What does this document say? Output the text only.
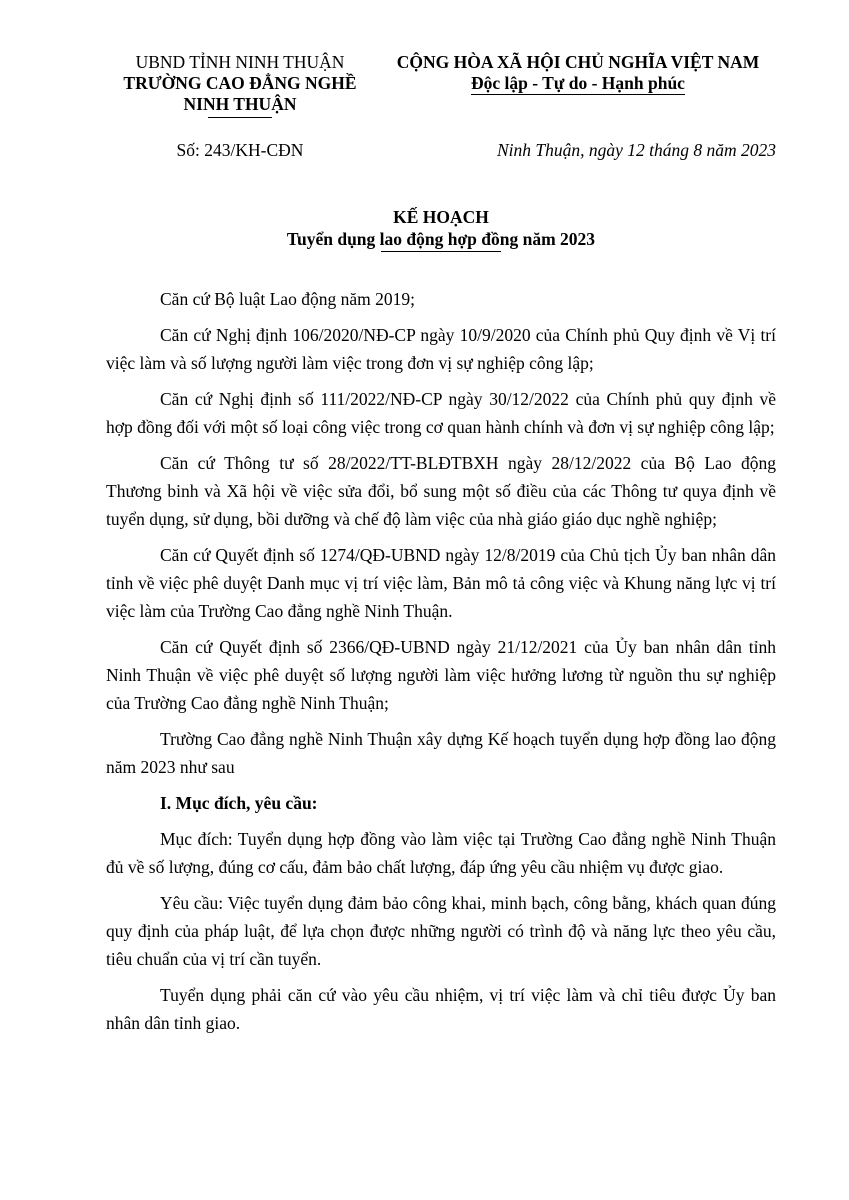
UBND TỈNH NINH THUẬN
TRƯỜNG CAO ĐẲNG NGHỀ
NINH THUẬN
CỘNG HÒA XÃ HỘI CHỦ NGHĨA VIỆT NAM
Độc lập - Tự do - Hạnh phúc
Số: 243/KH-CĐN	Ninh Thuận, ngày 12 tháng 8 năm 2023
KẾ HOẠCH
Tuyển dụng lao động hợp đồng năm 2023

Căn cứ Bộ luật Lao động năm 2019;

Căn cứ Nghị định 106/2020/NĐ-CP ngày 10/9/2020 của Chính phủ Quy định về Vị trí việc làm và số lượng người làm việc trong đơn vị sự nghiệp công lập;

Căn cứ Nghị định số 111/2022/NĐ-CP ngày 30/12/2022 của Chính phủ quy định về hợp đồng đối với một số loại công việc trong cơ quan hành chính và đơn vị sự nghiệp công lập;

Căn cứ Thông tư số 28/2022/TT-BLĐTBXH ngày 28/12/2022 của Bộ Lao động Thương binh và Xã hội về việc sửa đổi, bổ sung một số điều của các Thông tư quya định về tuyển dụng, sử dụng, bồi dưỡng và chế độ làm việc của nhà giáo giáo dục nghề nghiệp;

Căn cứ Quyết định số 1274/QĐ-UBND ngày 12/8/2019 của Chủ tịch Ủy ban nhân dân tỉnh về việc phê duyệt Danh mục vị trí việc làm, Bản mô tả công việc và Khung năng lực vị trí việc làm của Trường Cao đẳng nghề Ninh Thuận.

Căn cứ Quyết định số 2366/QĐ-UBND ngày 21/12/2021 của Ủy ban nhân dân tỉnh Ninh Thuận về việc phê duyệt số lượng người làm việc hưởng lương từ nguồn thu sự nghiệp của Trường Cao đẳng nghề Ninh Thuận;

Trường Cao đẳng nghề Ninh Thuận xây dựng Kế hoạch tuyển dụng hợp đồng lao động năm 2023 như sau

I. Mục đích, yêu cầu:

Mục đích: Tuyển dụng hợp đồng vào làm việc tại Trường Cao đẳng nghề Ninh Thuận đủ về số lượng, đúng cơ cấu, đảm bảo chất lượng, đáp ứng yêu cầu nhiệm vụ được giao.

Yêu cầu: Việc tuyển dụng đảm bảo công khai, minh bạch, công bằng, khách quan đúng quy định của pháp luật, để lựa chọn được những người có trình độ và năng lực theo yêu cầu, tiêu chuẩn của vị trí cần tuyển.

Tuyển dụng phải căn cứ vào yêu cầu nhiệm, vị trí việc làm và chỉ tiêu được Ủy ban nhân dân tỉnh giao.
